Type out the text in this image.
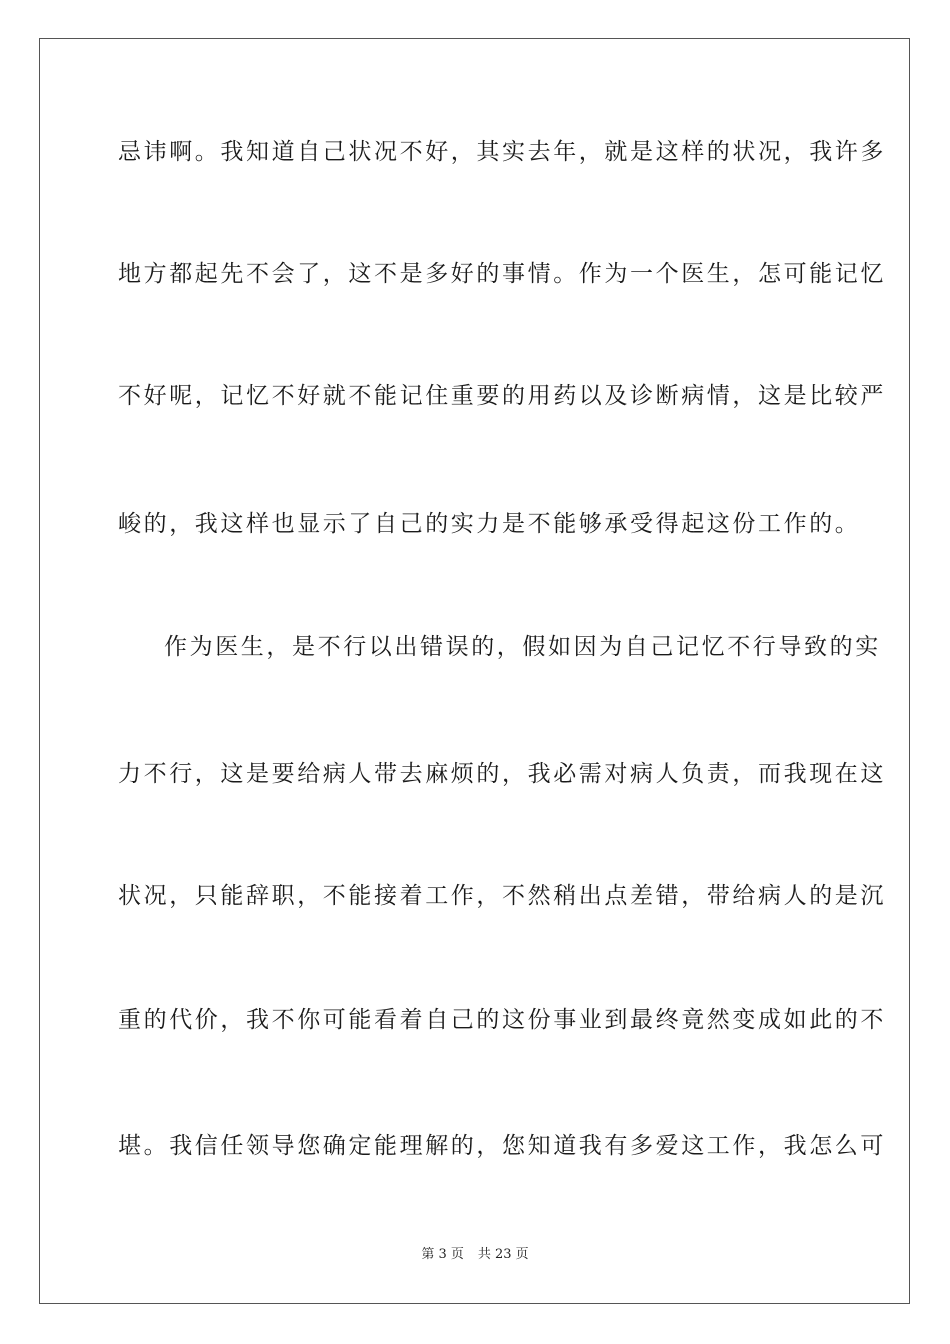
忌讳啊。我知道自己状况不好，其实去年，就是这样的状况，我许多
地方都起先不会了，这不是多好的事情。作为一个医生，怎可能记忆
不好呢，记忆不好就不能记住重要的用药以及诊断病情，这是比较严
峻的，我这样也显示了自己的实力是不能够承受得起这份工作的。
作为医生，是不行以出错误的，假如因为自己记忆不行导致的实
力不行，这是要给病人带去麻烦的，我必需对病人负责，而我现在这
状况，只能辞职，不能接着工作，不然稍出点差错，带给病人的是沉
重的代价，我不你可能看着自己的这份事业到最终竟然变成如此的不
堪。我信任领导您确定能理解的，您知道我有多爱这工作，我怎么可
第 3 页 共 23 页
